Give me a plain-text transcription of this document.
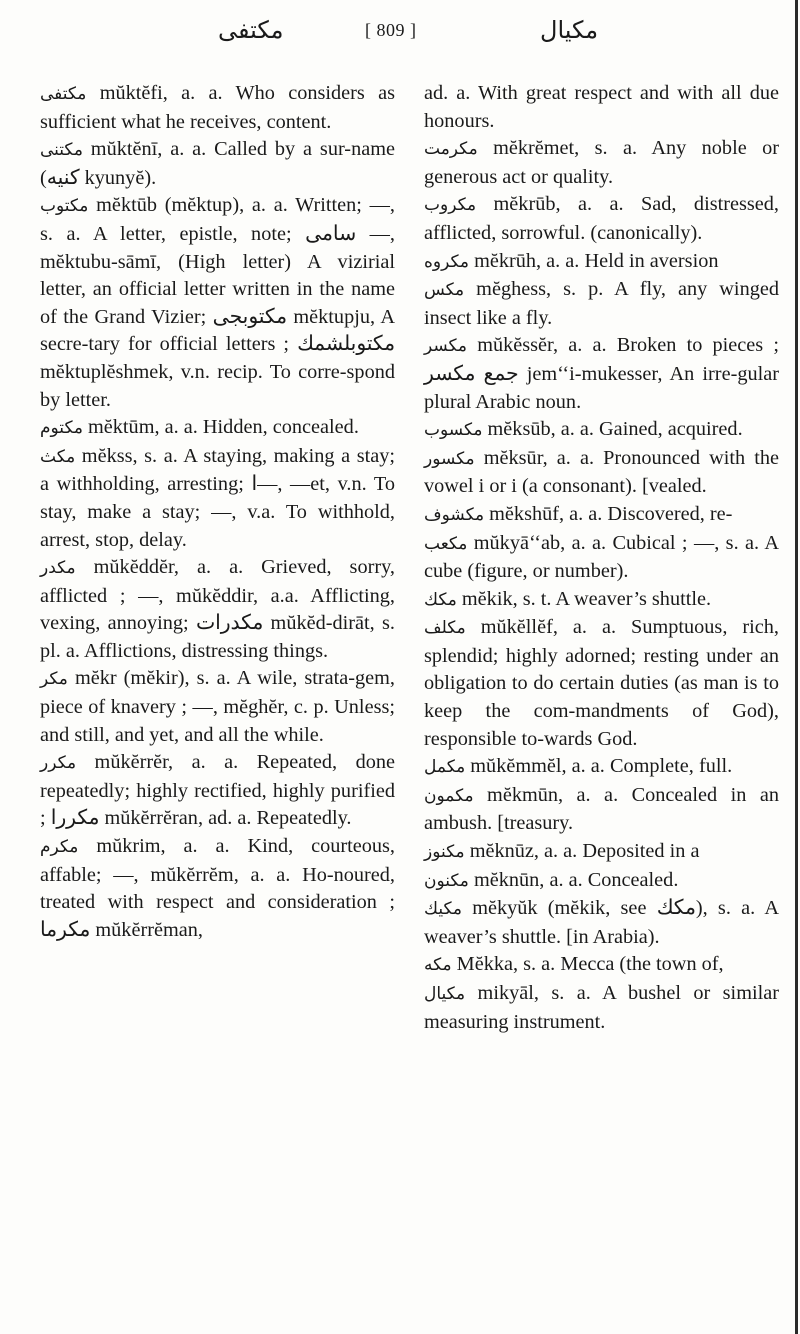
مكتفى	[ 809 ]	مكيال

مكتفى mŭktĕfi, a. a. Who considers as sufficient what he receives, content.

مكتنى mŭktĕnī, a. a. Called by a sur-name (كنيه kyunyĕ).

مكتوب mĕktūb (mĕktup), a. a. Written; —, s. a. A letter, epistle, note; سامى —, mĕktubu-sāmī, (High letter) A vizirial letter, an official letter written in the name of the Grand Vizier; مكتوبجى mĕktupju, A secre-tary for official letters ; مكتوبلشمك mĕktuplĕshmek, v.n. recip. To corre-spond by letter.

مكتوم mĕktūm, a. a. Hidden, concealed.

مكث mĕkss, s. a. A staying, making a stay; a withholding, arresting; ا—, —et, v.n. To stay, make a stay; —, v.a. To withhold, arrest, stop, delay.

مكدر mŭkĕddĕr, a. a. Grieved, sorry, afflicted ; —, mŭkĕddir, a.a. Afflicting, vexing, annoying; مكدرات mŭkĕd-dirāt, s. pl. a. Afflictions, distressing things.

مكر mĕkr (mĕkir), s. a. A wile, strata-gem, piece of knavery ; —, mĕghĕr, c. p. Unless; and still, and yet, and all the while.

مكرر mŭkĕrrĕr, a. a. Repeated, done repeatedly; highly rectified, highly purified ; مكررا mŭkĕrrĕran, ad. a. Repeatedly.

مكرم mŭkrim, a. a. Kind, courteous, affable; —, mŭkĕrrĕm, a. a. Ho-noured, treated with respect and consideration ; مكرما mŭkĕrrĕman,

ad. a. With great respect and with all due honours.

مكرمت mĕkrĕmet, s. a. Any noble or generous act or quality.

مكروب mĕkrūb, a. a. Sad, distressed, afflicted, sorrowful. (canonically).

مكروه mĕkrūh, a. a. Held in aversion

مكس mĕghess, s. p. A fly, any winged insect like a fly.

مكسر mŭkĕssĕr, a. a. Broken to pieces ; جمع مكسر jem‘‘i-mukesser, An irre-gular plural Arabic noun.

مكسوب mĕksūb, a. a. Gained, acquired.

مكسور mĕksūr, a. a. Pronounced with the vowel i or i (a consonant). [vealed.

مكشوف mĕkshūf, a. a. Discovered, re-

مكعب mŭkyā‘‘ab, a. a. Cubical ; —, s. a. A cube (figure, or number).

مكك mĕkik, s. t. A weaver’s shuttle.

مكلف mŭkĕllĕf, a. a. Sumptuous, rich, splendid; highly adorned; resting under an obligation to do certain duties (as man is to keep the com-mandments of God), responsible to-wards God.

مكمل mŭkĕmmĕl, a. a. Complete, full.

مكمون mĕkmūn, a. a. Concealed in an ambush. [treasury.

مكنوز mĕknūz, a. a. Deposited in a

مكنون mĕknūn, a. a. Concealed.

مكيك mĕkyŭk (mĕkik, see مكك), s. a. A weaver’s shuttle. [in Arabia).

مكه Mĕkka, s. a. Mecca (the town of,

مكيال mikyāl, s. a. A bushel or similar measuring instrument.
